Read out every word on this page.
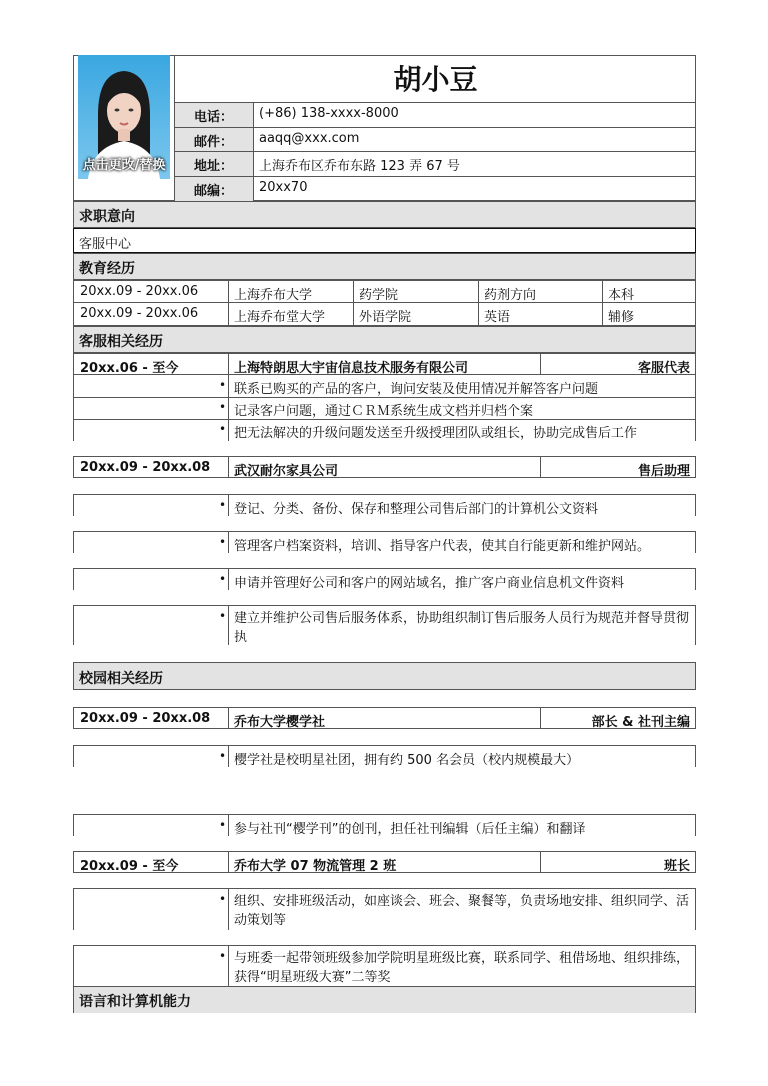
点击更改/替换
胡小豆
电话： (+86) 138-xxxx-8000
邮件： aaqq@xxx.com
地址： 上海乔布区乔布东路 123 弄 67 号
邮编： 20xx70
求职意向
客服中心
教育经历
20xx.09 - 20xx.06	上海乔布大学	药学院	药剂方向	本科
20xx.09 - 20xx.06	上海乔布堂大学	外语学院	英语	辅修
客服相关经历
20xx.06 - 至今	上海特朗思大宇宙信息技术服务有限公司	客服代表
• 联系已购买的产品的客户，询问安装及使用情况并解答客户问题
• 记录客户问题，通过ＣＲＭ系统生成文档并归档个案
• 把无法解决的升级问题发送至升级授理团队或组长，协助完成售后工作
20xx.09 - 20xx.08 武汉耐尔家具公司	售后助理
• 登记、分类、备份、保存和整理公司售后部门的计算机公文资料
• 管理客户档案资料，培训、指导客户代表，使其自行能更新和维护网站。
• 申请并管理好公司和客户的网站域名，推广客户商业信息机文件资料
• 建立并维护公司售后服务体系，协助组织制订售后服务人员行为规范并督导贯彻执
校园相关经历
20xx.09 - 20xx.08 乔布大学樱学社	部长 & 社刊主编
• 樱学社是校明星社团，拥有约 500 名会员（校内规模最大）
• 参与社刊“樱学刊”的创刊，担任社刊编辑（后任主编）和翻译
20xx.09 - 至今	乔布大学 07 物流管理 2 班	班长
• 组织、安排班级活动，如座谈会、班会、聚餐等，负责场地安排、组织同学、活动策划等
• 与班委一起带领班级参加学院明星班级比赛，联系同学、租借场地、组织排练，获得“明星班级大赛”二等奖
语言和计算机能力
